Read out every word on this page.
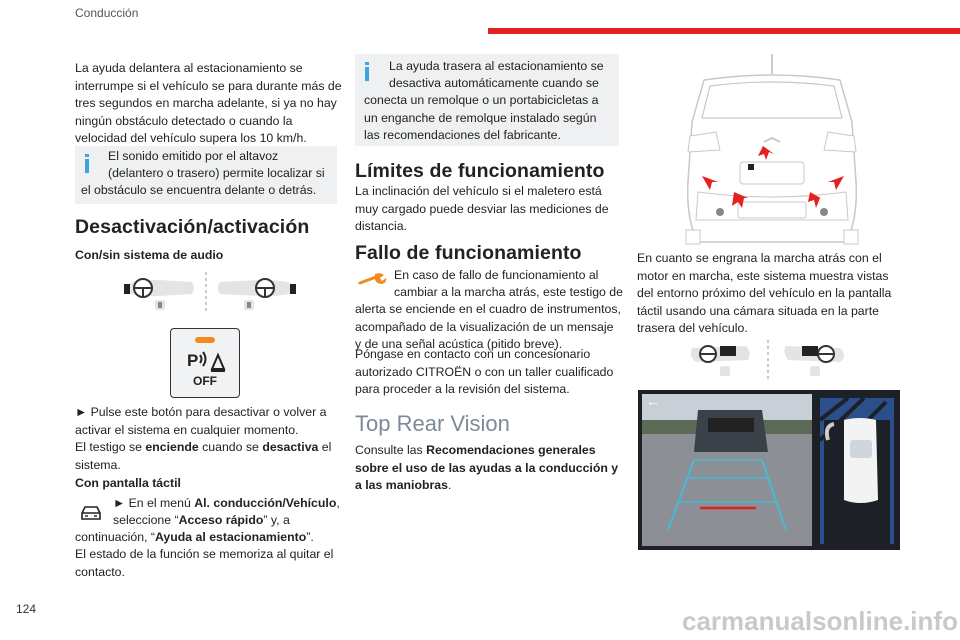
Conducción

La ayuda delantera al estacionamiento se interrumpe si el vehículo se para durante más de tres segundos en marcha adelante, si ya no hay ningún obstáculo detectado o cuando la velocidad del vehículo supera los 10 km/h.

El sonido emitido por el altavoz

(delantero o trasero) permite localizar si

el obstáculo se encuentra delante o detrás.

Desactivación/activación
Con/sin sistema de audio
P
OFF

► Pulse este botón para desactivar o volver a activar el sistema en cualquier momento.

El testigo se enciende cuando se desactiva el sistema.

Con pantalla táctil

► En el menú Al. conducción/Vehículo,

seleccione “Acceso rápido” y, a

continuación, “Ayuda al estacionamiento”.

El estado de la función se memoriza al quitar el contacto.

La ayuda trasera al estacionamiento se

desactiva automáticamente cuando se

conecta un remolque o un portabicicletas a un enganche de remolque instalado según las recomendaciones del fabricante.

Límites de funcionamiento

La inclinación del vehículo si el maletero está muy cargado puede desviar las mediciones de distancia.

Fallo de funcionamiento

En caso de fallo de funcionamiento al

cambiar a la marcha atrás, este testigo de

alerta se enciende en el cuadro de instrumentos, acompañado de la visualización de un mensaje y de una señal acústica (pitido breve).

Póngase en contacto con un concesionario autorizado CITROËN o con un taller cualificado para proceder a la revisión del sistema.

Top Rear Vision

Consulte las Recomendaciones generales sobre el uso de las ayudas a la conducción y a las maniobras.

En cuanto se engrana la marcha atrás con el motor en marcha, este sistema muestra vistas del entorno próximo del vehículo en la pantalla táctil usando una cámara situada en la parte trasera del vehículo.

←
124	carmanualsonline.info
